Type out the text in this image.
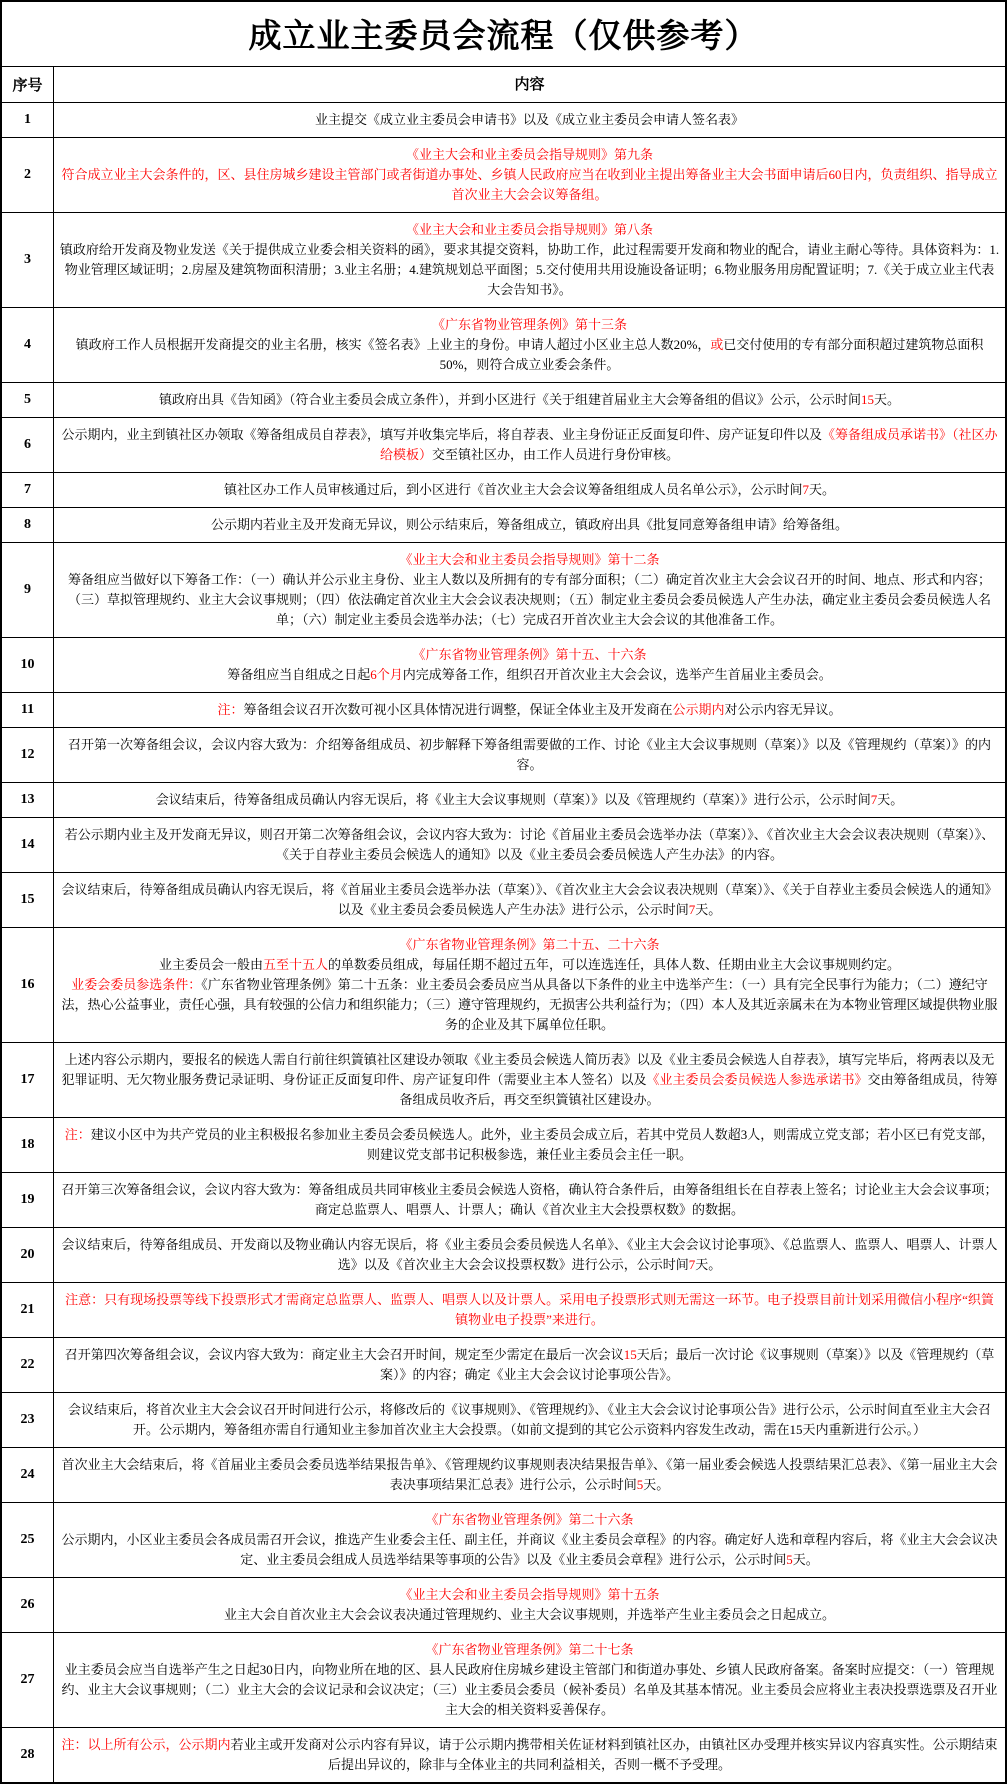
成立业主委员会流程（仅供参考）
序号	内容
1	业主提交《成立业主委员会申请书》以及《成立业主委员会申请人签名表》
2
《业主大会和业主委员会指导规则》第九条
符合成立业主大会条件的，区、县住房城乡建设主管部门或者街道办事处、乡镇人民政府应当在收到业主提出筹备业主大会书面申请后60日内，负责组织、指导成立首次业主大会会议筹备组。
3
《业主大会和业主委员会指导规则》第八条
镇政府给开发商及物业发送《关于提供成立业委会相关资料的函》，要求其提交资料，协助工作，此过程需要开发商和物业的配合，请业主耐心等待。具体资料为：1.物业管理区域证明；2.房屋及建筑物面积清册；3.业主名册；4.建筑规划总平面图；5.交付使用共用设施设备证明；6.物业服务用房配置证明；7.《关于成立业主代表大会告知书》。
4
《广东省物业管理条例》第十三条
镇政府工作人员根据开发商提交的业主名册，核实《签名表》上业主的身份。申请人超过小区业主总人数20%，或已交付使用的专有部分面积超过建筑物总面积50%，则符合成立业委会条件。
5	镇政府出具《告知函》（符合业主委员会成立条件），并到小区进行《关于组建首届业主大会筹备组的倡议》公示，公示时间15天。
6
公示期内，业主到镇社区办领取《筹备组成员自荐表》，填写并收集完毕后，将自荐表、业主身份证正反面复印件、房产证复印件以及《筹备组成员承诺书》（社区办给模板）交至镇社区办，由工作人员进行身份审核。
7	镇社区办工作人员审核通过后，到小区进行《首次业主大会会议筹备组组成人员名单公示》，公示时间7天。
8	公示期内若业主及开发商无异议，则公示结束后，筹备组成立，镇政府出具《批复同意筹备组申请》给筹备组。
9
《业主大会和业主委员会指导规则》第十二条
筹备组应当做好以下筹备工作：（一）确认并公示业主身份、业主人数以及所拥有的专有部分面积；（二）确定首次业主大会会议召开的时间、地点、形式和内容；（三）草拟管理规约、业主大会议事规则；（四）依法确定首次业主大会会议表决规则；（五）制定业主委员会委员候选人产生办法，确定业主委员会委员候选人名单；（六）制定业主委员会选举办法；（七）完成召开首次业主大会会议的其他准备工作。
10
《广东省物业管理条例》第十五、十六条
筹备组应当自组成之日起6个月内完成筹备工作，组织召开首次业主大会会议，选举产生首届业主委员会。
11	注：筹备组会议召开次数可视小区具体情况进行调整，保证全体业主及开发商在公示期内对公示内容无异议。
12
召开第一次筹备组会议，会议内容大致为：介绍筹备组成员、初步解释下筹备组需要做的工作、讨论《业主大会议事规则（草案）》以及《管理规约（草案）》的内容。
13	会议结束后，待筹备组成员确认内容无误后，将《业主大会议事规则（草案）》以及《管理规约（草案）》进行公示，公示时间7天。
14
若公示期内业主及开发商无异议，则召开第二次筹备组会议，会议内容大致为：讨论《首届业主委员会选举办法（草案）》、《首次业主大会会议表决规则（草案）》、《关于自荐业主委员会候选人的通知》以及《业主委员会委员候选人产生办法》的内容。
15
会议结束后，待筹备组成员确认内容无误后，将《首届业主委员会选举办法（草案）》、《首次业主大会会议表决规则（草案）》、《关于自荐业主委员会候选人的通知》以及《业主委员会委员候选人产生办法》进行公示，公示时间7天。
16
《广东省物业管理条例》第二十五、二十六条
业主委员会一般由五至十五人的单数委员组成，每届任期不超过五年，可以连选连任，具体人数、任期由业主大会议事规则约定。
业委会委员参选条件：《广东省物业管理条例》第二十五条：业主委员会委员应当从具备以下条件的业主中选举产生：（一）具有完全民事行为能力；（二）遵纪守法，热心公益事业，责任心强，具有较强的公信力和组织能力；（三）遵守管理规约，无损害公共利益行为；（四）本人及其近亲属未在为本物业管理区域提供物业服务的企业及其下属单位任职。
17
上述内容公示期内，要报名的候选人需自行前往织篢镇社区建设办领取《业主委员会候选人简历表》以及《业主委员会候选人自荐表》，填写完毕后，将两表以及无犯罪证明、无欠物业服务费记录证明、身份证正反面复印件、房产证复印件（需要业主本人签名）以及《业主委员会委员候选人参选承诺书》交由筹备组成员，待筹备组成员收齐后，再交至织篢镇社区建设办。
18
注：建议小区中为共产党员的业主积极报名参加业主委员会委员候选人。此外，业主委员会成立后，若其中党员人数超3人，则需成立党支部；若小区已有党支部，则建议党支部书记积极参选，兼任业主委员会主任一职。
19
召开第三次筹备组会议，会议内容大致为：筹备组成员共同审核业主委员会候选人资格，确认符合条件后，由筹备组组长在自荐表上签名；讨论业主大会会议事项；商定总监票人、唱票人、计票人；确认《首次业主大会投票权数》的数据。
20
会议结束后，待筹备组成员、开发商以及物业确认内容无误后，将《业主委员会委员候选人名单》、《业主大会会议讨论事项》、《总监票人、监票人、唱票人、计票人选》以及《首次业主大会会议投票权数》进行公示，公示时间7天。
21
注意：只有现场投票等线下投票形式才需商定总监票人、监票人、唱票人以及计票人。采用电子投票形式则无需这一环节。电子投票目前计划采用微信小程序“织篢镇物业电子投票”来进行。
22
召开第四次筹备组会议，会议内容大致为：商定业主大会召开时间，规定至少需定在最后一次会议15天后；最后一次讨论《议事规则（草案）》以及《管理规约（草案）》的内容；确定《业主大会会议讨论事项公告》。
23
会议结束后，将首次业主大会会议召开时间进行公示，将修改后的《议事规则》、《管理规约》、《业主大会会议讨论事项公告》进行公示，公示时间直至业主大会召开。公示期内，筹备组亦需自行通知业主参加首次业主大会投票。（如前文提到的其它公示资料内容发生改动，需在15天内重新进行公示。）
24
首次业主大会结束后，将《首届业主委员会委员选举结果报告单》、《管理规约议事规则表决结果报告单》、《第一届业委会候选人投票结果汇总表》、《第一届业主大会表决事项结果汇总表》进行公示，公示时间5天。
25
《广东省物业管理条例》第二十六条
公示期内，小区业主委员会各成员需召开会议，推选产生业委会主任、副主任，并商议《业主委员会章程》的内容。确定好人选和章程内容后，将《业主大会会议决定、业主委员会组成人员选举结果等事项的公告》以及《业主委员会章程》进行公示，公示时间5天。
26
《业主大会和业主委员会指导规则》第十五条
业主大会自首次业主大会会议表决通过管理规约、业主大会议事规则，并选举产生业主委员会之日起成立。
27
《广东省物业管理条例》第二十七条
业主委员会应当自选举产生之日起30日内，向物业所在地的区、县人民政府住房城乡建设主管部门和街道办事处、乡镇人民政府备案。备案时应提交：（一）管理规约、业主大会议事规则；（二）业主大会的会议记录和会议决定；（三）业主委员会委员（候补委员）名单及其基本情况。业主委员会应将业主表决投票选票及召开业主大会的相关资料妥善保存。
28
注：以上所有公示，公示期内若业主或开发商对公示内容有异议，请于公示期内携带相关佐证材料到镇社区办，由镇社区办受理并核实异议内容真实性。公示期结束后提出异议的，除非与全体业主的共同利益相关，否则一概不予受理。
